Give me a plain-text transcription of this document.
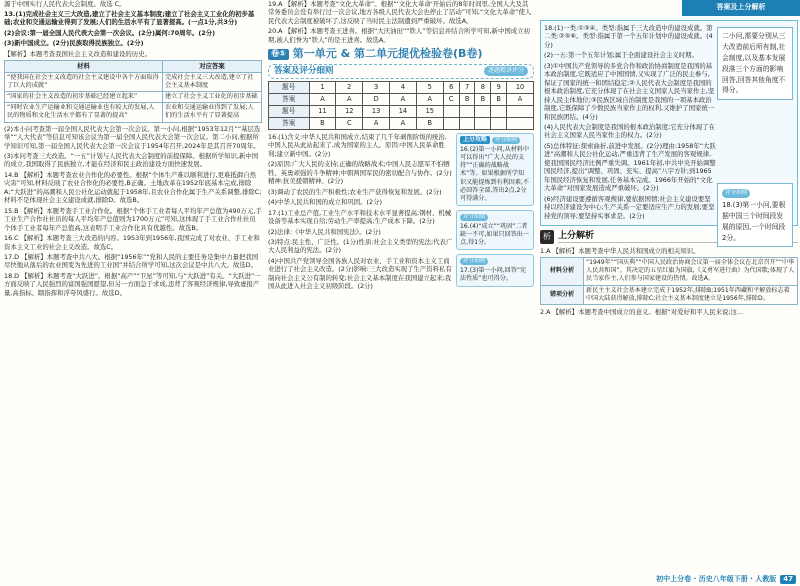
答案及上分解析

源于中国实行人民代表大会制度。故选 C。

13.(1)完成社会主义三大改造,建立了社会主义基本制度;建立了社会主义工业化的初步基础;农业和交通运输业得到了发展;人们的生活水平有了显著提高。(一点1分,共3分)

(2)会议:第一届全国人民代表大会第一次会议。(2分)属何:70周年。(2分)

(3)新中国成立。(2分)民族取得民族独立。(2分)

【解析】本题考查我国社会主义改造和建设的历史。

材料	对应答案
“使我国在社会主义改造的社会主义建设中各个方面取得了巨大的成就”	完成社会主义三大改造,建立了社会主义基本制度
“国家的社会主义改造的初步基础已经建立起来”	建立了社会主义工业化的初步基础
“同时农业生产运输业和交通运输业也有较大的发展,人民的物质和文化生活水平都有了显著的提高”	农业和交通运输业得到了发展;人们的生活水平有了显著提高

(2)本小问考查第一届全国人民代表大会第一次会议。第一小问,根据“1953年12月”“基层选举”“人大代表”等信息可知该会议为第一届全国人民代表大会第一次会议。第二小问,根据所学知识可知,第一届全国人民代表大会第一次会议于1954年召开,2024年是其召开70周年。

(3)本问考查三大改造。“一五”计划与人民代表大会制度的前提保障。根据所学知识,新中国的成立,我国取得了民族独立,才能在经济和民主政治建设方面快速发展。

14.B 【解析】本题考查农业合作化的必要性。根据“个体生产难以顺利进行,更难抵御自然灾害”可知,材料反映了农业合作化的必要性,B正确。土地改革在1952年底基本完成,排除A;“大跃进”的高潮和人民公社化运动就起于1958年,且农业合作化属于生产关系调整,排除C;材料不是体现社会主义建设成就,排除D。故选B。

15.B 【解析】本题考查手工业合作化。根据“个体手工业者每人平均年产总值为490万元,手工业生产合作社社员的每人平均年产总值则为1700万元”可知,这体现了手工业合作社社员个体手工业者每年产总值高,这表明手工业合作化具有优越性。故选B。

16.C 【解析】本题考查三大改造的内容。1953年到1956年,我国完成了对农业、手工业和资本主义工业的社会主义改造。故选C。

17.D 【解析】本题考查中共八大。根据“1956年”“党和人民的主要任务是集中力量把我国尽快地从落后的农业国变为先进的工业国”并结合所学可知,这次会议是中共八大。故选D。

18.D 【解析】本题考查“大跃进”。根据“高产”“卫星”等可知,与“大跃进”有关。“大跃进”一方面反映了人民强烈的富国强国愿望,但另一方面急于求成,违背了客观经济规律,导致虚报产量,高指标、瞎指挥和浮夸风盛行。故选D。

19.A 【解析】本题考查“文化大革命”。根据“‘文化大革命’开始后的8年时间里,全国人大及其常务委员会没有举行过一次会议,地方各级人民代表大会也停止了活动”可知,“文化大革命”使人民代表大会制度被破坏了,这反映了当时民主法制遭到严重破坏。故选A。

20.A 【解析】本题考查王进喜。根据“大庆油田”“铁人”等信息并结合所学可知,新中国成立初期,被人们誉为“铁人”的是王进喜。故选A。

卷⑤ 第一单元 & 第二单元提优检验卷(B卷)
答案及评分细则	逐题精讲评分
题号	1	2	3	4	5	6	7	8	9	10
答案	A	A	D	A	A	C	B	B	B	A
题号	11	12	13	14	15					
答案	B	C	A	A	B					

16.(1)含义:中华人民共和国成立,结束了几千年剥削阶级的统治,中国人民从此站起来了,成为国家的主人。原因:中国人民革命胜利;建立新中国。(2分)

(2)原因:广大人民的支持;正确的战略战术;中国人民志愿军不怕牺牲、英勇顽强的斗争精神;中朝两国军民的密切配合与协作。(2分)精神:抗美援朝精神。(2分)

(3)调动了农民的生产积极性;农业生产获得恢复和发展。(2分)

(4)中华人民共和国的成立和巩固。(2分)

17.(1)工业总产值,工业生产水平和技术水平显著提高;钢材、机械设备等基本实现自给;劳动生产率提高;生产成本下降。(2分)

(2)法律:《中华人民共和国宪法》。(2分)

(3)特点:民主性、广泛性。(1分)性质:社会主义类型的宪法;代表广大人民利益的宪法。(2分)

(4)中国共产党领导全国各族人民对农业、手工业和资本主义工商业进行了社会主义改造。(2分)影响:三大改造实现了生产资料私有制向社会主义公有制的转变;社会主义基本制度在我国建立起来;我国从此进入社会主义初级阶段。(2分)

上分攻略 评分细则
16.(2)第一小问,从材料中可以得出“广大人民的支持”“正确的战略战术”等。如果根据所学知识又能提炼到有利因素,不必回答全部,答出2点,2分可得满分。
评分细则
16.(4)“成立”“巩固”二者缺一不可,如果只回答出一点,得1分。
评分细则
17.(3)第一小问,回答“宪法性质”也可得分。

18.(1)一类:①③④。类型:指属于三大改造中的建设成就。第二类:②⑤⑥。类型:指属于第一个五年计划中的建设成就。(4分)

(2)一五:第一个五年计划;属于全面建设社会主义时期。

(3)①中国共产党领导的多党合作和政治协商制度是我国的基本政治制度,它既适应了中国国情,又实现了广泛的民主参与,保证了国家的统一和团结稳定;②人民代表大会制度是我国的根本政治制度,它充分体现了在社会主义国家人民当家作主,坚持人民主体地位;③民族区域自治制度是我国的一项基本政治制度,它既保障了少数民族当家作主的权利,又维护了国家统一和民族团结。(4分)

(4)人民代表大会制度是我国的根本政治制度;它充分体现了在社会主义国家人民当家作主的权力。(2分)

(5)总体特征:探索曲折,前进中发展。(2分)理由:1958年“大跃进”高潮和人民公社化运动,严重违背了生产发展的客观规律,使我国国民经济比例严重失调。1961年初,中共中央开始调整国民经济,提出“调整、巩固、充实、提高”八字方针;到1965年国民经济恢复和发展,任务基本完成。1966年开始的“文化大革命”对国家发展造成严重破坏。(2分)

(6)经济建设要遵循客观规律,要依据国情;社会主义建设要坚持以经济建设为中心;生产关系一定要适应生产力的发展;要坚持党的领导;要坚持实事求是。(2分)

二小问,需要分别从三大改造前后所有制,社会制度,以及基本发展段落三个方面的影响回答,回答其他角度不得分。
评分细则
18.(3)第一小问,要根据中国三个时间段发展的原因,一个时间段2分。
析 上分解析

1.A 【解析】本题考查中华人民共和国成立的相关知识。

材料分析	“1949年”“国庆典”“中国人民政治协商会议第一届全体会议在北京召开”“中华人民共和国”。其决定的五星红旗为国旗,《义勇军进行曲》为代国歌;体现了人民当家作主,人们参与国家建设的热情。故选A。
错项分析	新民主主义社会基本建立完成于1952年,排除B;1951年西藏和平解放标志着中国大陆获得解放,排除C;社会主义基本制度建立是1956年,排除D。

2.A 【解析】本题考查中国成立的意义。根据“对爱好和平人民来说;这…

初中上分卷 · 历史八年级下册 · 人教版	47
